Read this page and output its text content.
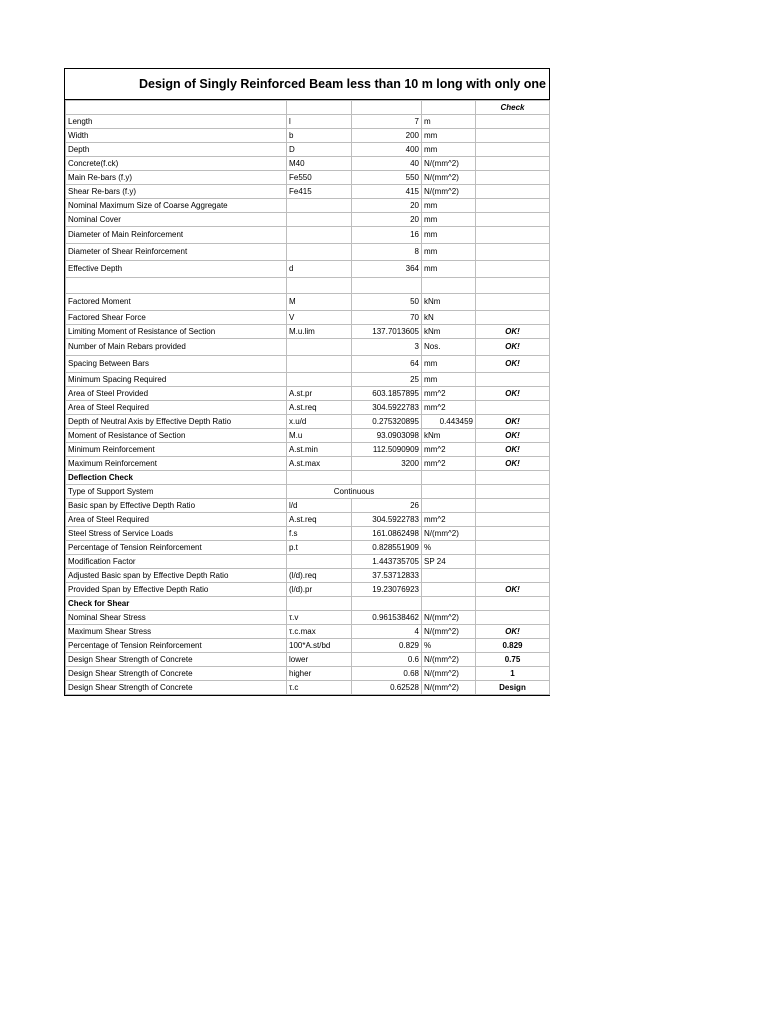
Design of Singly Reinforced Beam less than 10 m long with only one
				Check
Length	l	7	m	
Width	b	200	mm	
Depth	D	400	mm	
Concrete(f.ck)	M40	40	N/(mm^2)	
Main Re-bars (f.y)	Fe550	550	N/(mm^2)	
Shear Re-bars (f.y)	Fe415	415	N/(mm^2)	
Nominal Maximum Size of Coarse Aggregate		20	mm	
Nominal Cover		20	mm	
Diameter of Main Reinforcement		16	mm	
Diameter of Shear Reinforcement		8	mm	
Effective Depth	d	364	mm	

Factored Moment	M	50	kNm	
Factored Shear Force	V	70	kN	
Limiting Moment of Resistance of Section	M.u.lim	137.7013605	kNm	OK!
Number of Main Rebars provided		3	Nos.	OK!
Spacing Between Bars		64	mm	OK!
Minimum Spacing Required		25	mm	
Area of Steel Provided	A.st.pr	603.1857895	mm^2	OK!
Area of Steel Required	A.st.req	304.5922783	mm^2	
Depth of Neutral Axis by Effective Depth Ratio	x.u/d	0.275320895	0.443459	OK!
Moment of Resistance of Section	M.u	93.0903098	kNm	OK!
Minimum Reinforcement	A.st.min	112.5090909	mm^2	OK!
Maximum Reinforcement	A.st.max	3200	mm^2	OK!
Deflection Check				
Type of Support System	Continuous			
Basic span by Effective Depth Ratio	l/d	26		
Area of Steel Required	A.st.req	304.5922783	mm^2	
Steel Stress of Service Loads	f.s	161.0862498	N/(mm^2)	
Percentage of Tension Reinforcement	p.t	0.828551909	%	
Modification Factor		1.443735705	SP 24	
Adjusted Basic span by Effective Depth Ratio	(l/d).req	37.53712833		
Provided Span by Effective Depth Ratio	(l/d).pr	19.23076923		OK!
Check for Shear				
Nominal Shear Stress	τ.v	0.961538462	N/(mm^2)	
Maximum Shear Stress	τ.c.max	4	N/(mm^2)	OK!
Percentage of Tension Reinforcement	100*A.st/bd	0.829	%	0.829
Design Shear Strength of Concrete	lower	0.6	N/(mm^2)	0.75
Design Shear Strength of Concrete	higher	0.68	N/(mm^2)	1
Design Shear Strength of Concrete	τ.c	0.62528	N/(mm^2)	Design
